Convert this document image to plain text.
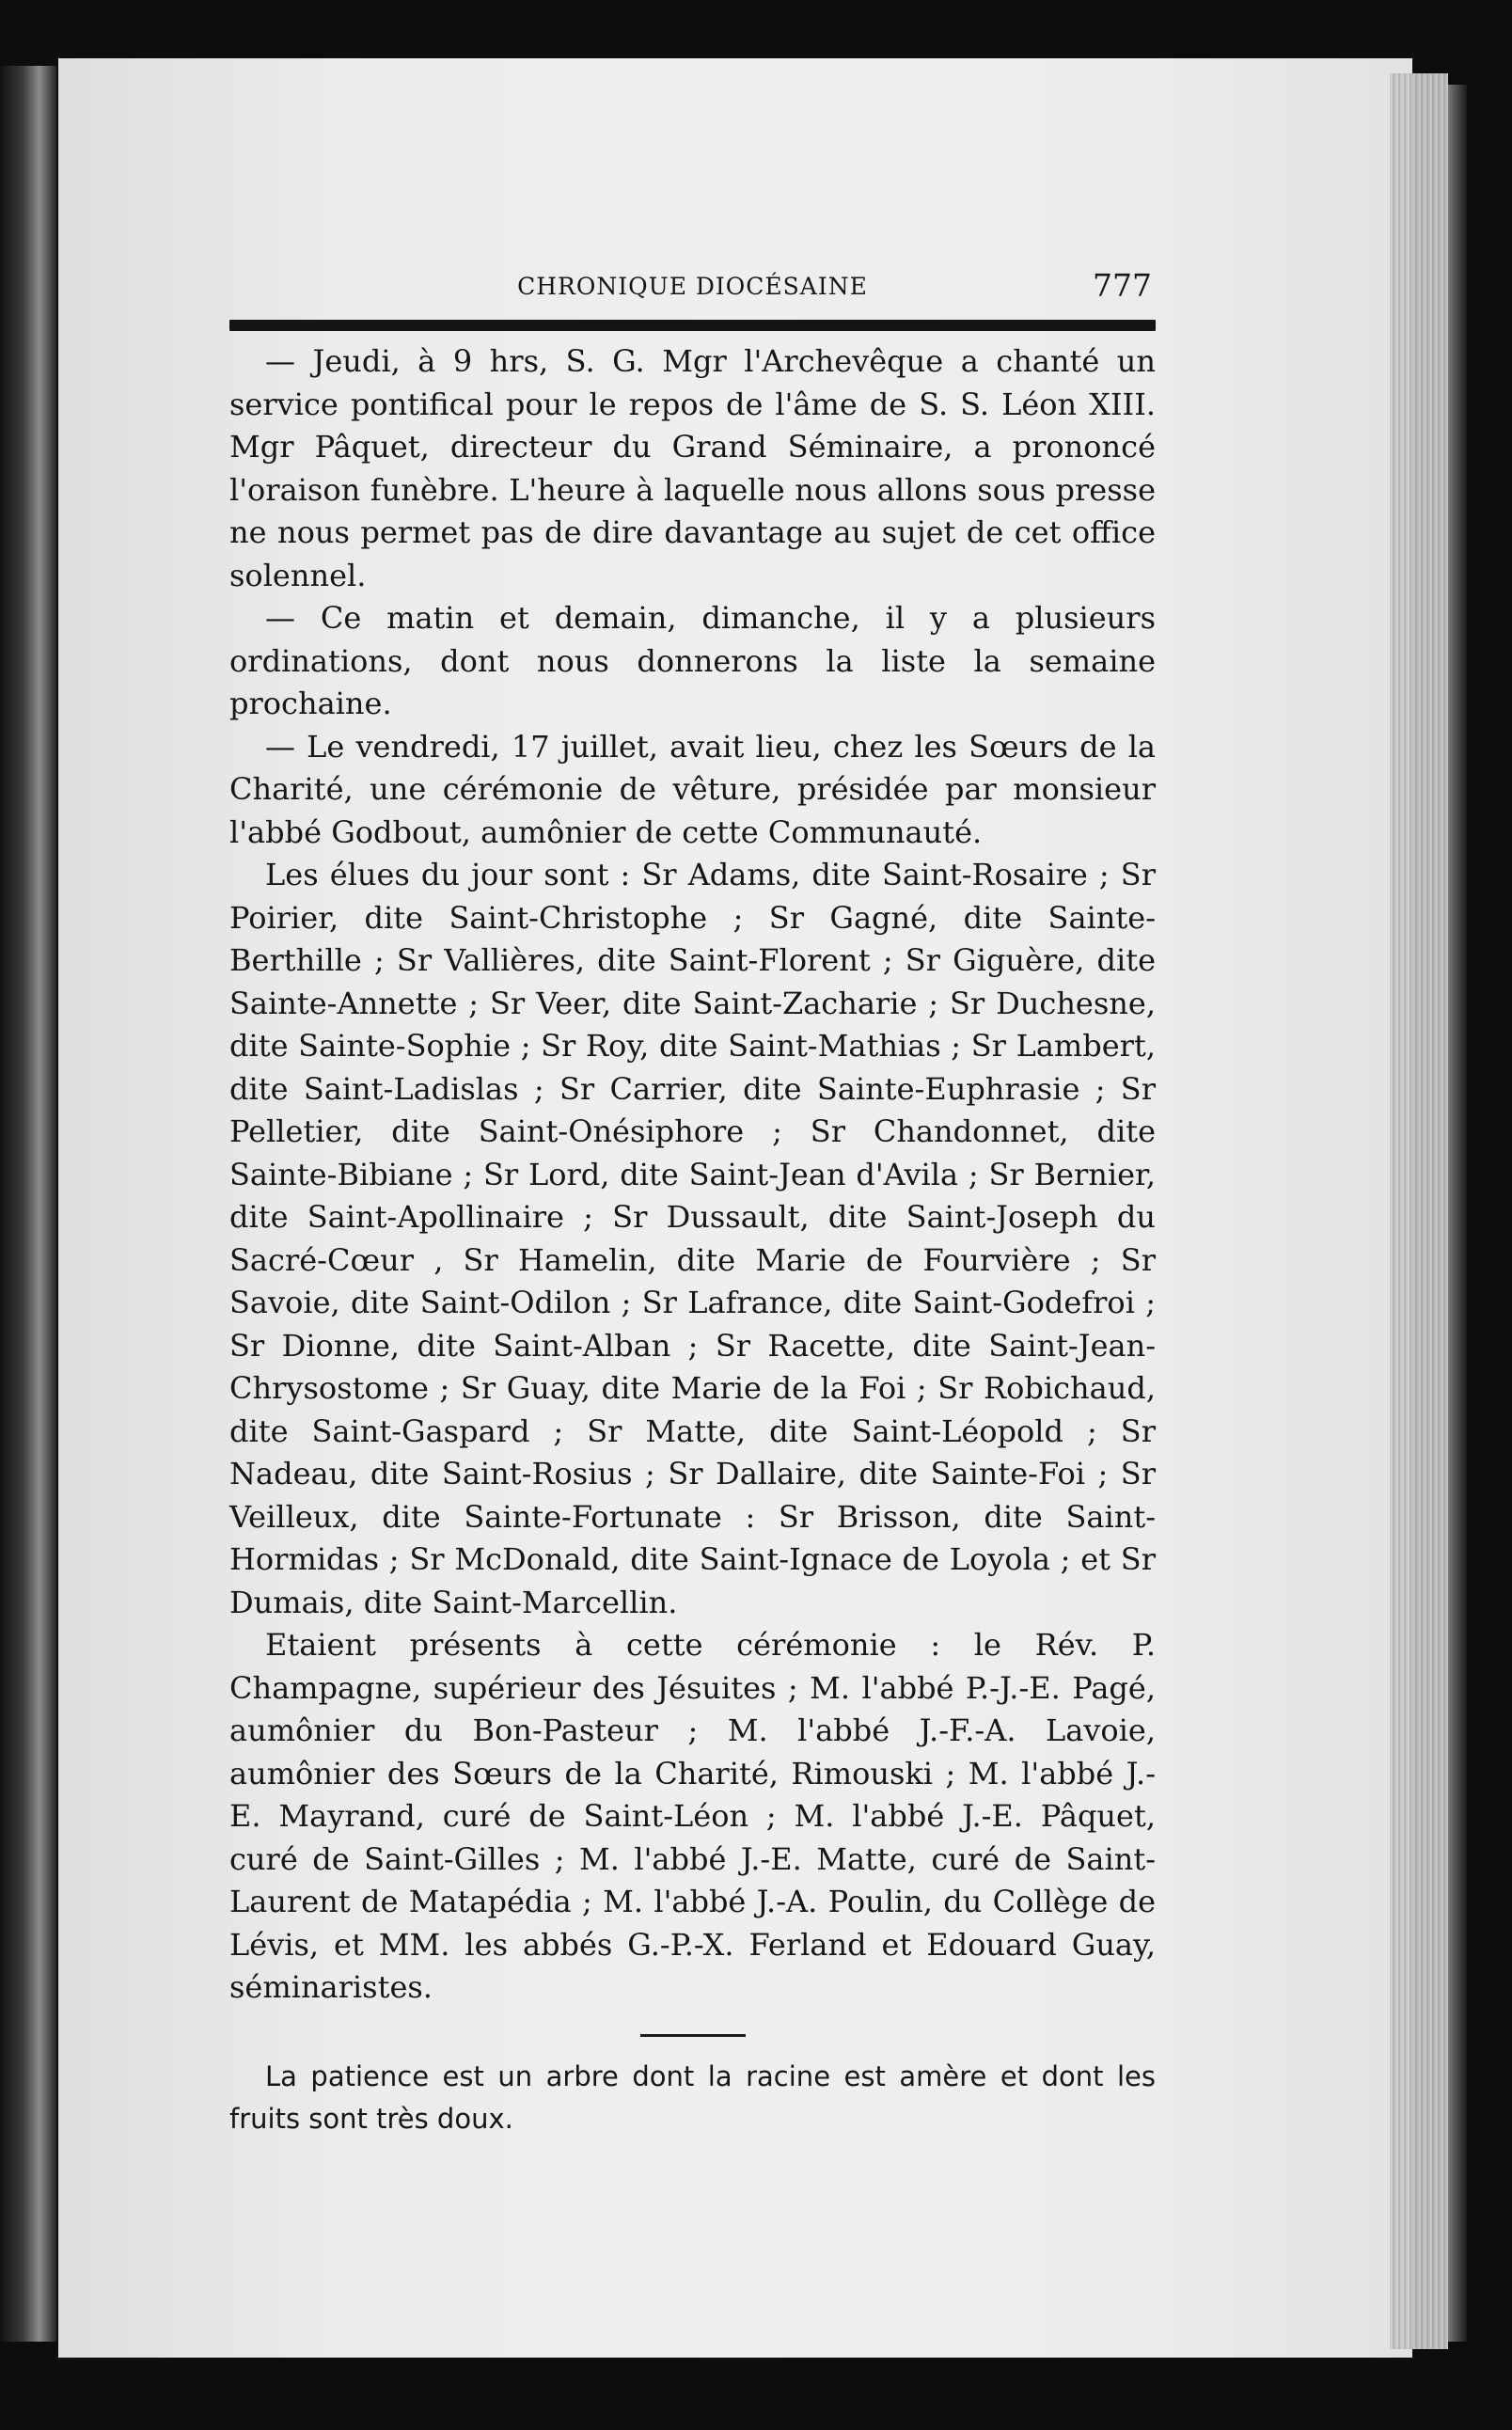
CHRONIQUE DIOCÉSAINE	777

— Jeudi, à 9 hrs, S. G. Mgr l'Archevêque a chanté un service pontifical pour le repos de l'âme de S. S. Léon XIII. Mgr Pâquet, directeur du Grand Séminaire, a prononcé l'oraison funèbre. L'heure à laquelle nous allons sous presse ne nous permet pas de dire davantage au sujet de cet office solennel.

— Ce matin et demain, dimanche, il y a plusieurs ordinations, dont nous donnerons la liste la semaine prochaine.

— Le vendredi, 17 juillet, avait lieu, chez les Sœurs de la Charité, une cérémonie de vêture, présidée par monsieur l'abbé Godbout, aumônier de cette Communauté.

Les élues du jour sont : Sr Adams, dite Saint-Rosaire ; Sr Poirier, dite Saint-Christophe ; Sr Gagné, dite Sainte-Berthille ; Sr Vallières, dite Saint-Florent ; Sr Giguère, dite Sainte-Annette ; Sr Veer, dite Saint-Zacharie ; Sr Duchesne, dite Sainte-Sophie ; Sr Roy, dite Saint-Mathias ; Sr Lambert, dite Saint-Ladislas ; Sr Carrier, dite Sainte-Euphrasie ; Sr Pelletier, dite Saint-Onésiphore ; Sr Chandonnet, dite Sainte-Bibiane ; Sr Lord, dite Saint-Jean d'Avila ; Sr Bernier, dite Saint-Apollinaire ; Sr Dussault, dite Saint-Joseph du Sacré-Cœur , Sr Hamelin, dite Marie de Fourvière ; Sr Savoie, dite Saint-Odilon ; Sr Lafrance, dite Saint-Godefroi ; Sr Dionne, dite Saint-Alban ; Sr Racette, dite Saint-Jean-Chrysostome ; Sr Guay, dite Marie de la Foi ; Sr Robichaud, dite Saint-Gaspard ; Sr Matte, dite Saint-Léopold ; Sr Nadeau, dite Saint-Rosius ; Sr Dallaire, dite Sainte-Foi ; Sr Veilleux, dite Sainte-Fortunate : Sr Brisson, dite Saint-Hormidas ; Sr McDonald, dite Saint-Ignace de Loyola ; et Sr Dumais, dite Saint-Marcellin.

Etaient présents à cette cérémonie : le Rév. P. Champagne, supérieur des Jésuites ; M. l'abbé P.-J.-E. Pagé, aumônier du Bon-Pasteur ; M. l'abbé J.-F.-A. Lavoie, aumônier des Sœurs de la Charité, Rimouski ; M. l'abbé J.-E. Mayrand, curé de Saint-Léon ; M. l'abbé J.-E. Pâquet, curé de Saint-Gilles ; M. l'abbé J.-E. Matte, curé de Saint-Laurent de Matapédia ; M. l'abbé J.-A. Poulin, du Collège de Lévis, et MM. les abbés G.-P.-X. Ferland et Edouard Guay, séminaristes.

La patience est un arbre dont la racine est amère et dont les fruits sont très doux.
